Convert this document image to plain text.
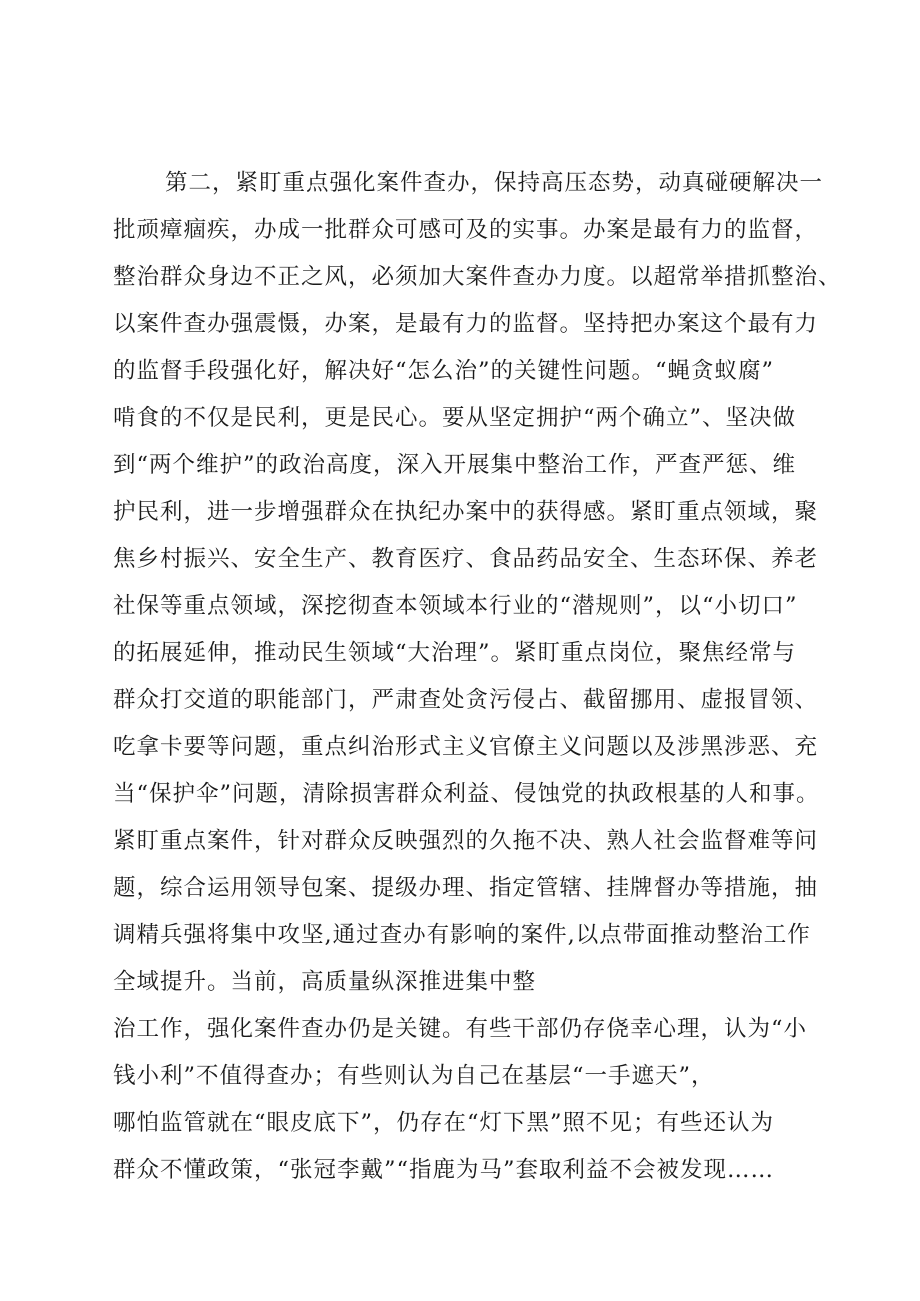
第二，紧盯重点强化案件查办，保持高压态势，动真碰硬解决一
批顽瘴痼疾，办成一批群众可感可及的实事。办案是最有力的监督，
整治群众身边不正之风，必须加大案件查办力度。以超常举措抓整治、
以案件查办强震慑，办案，是最有力的监督。坚持把办案这个最有力
的监督手段强化好，解决好“怎么治”的关键性问题。“蝇贪蚁腐”
啃食的不仅是民利，更是民心。要从坚定拥护“两个确立”、坚决做
到“两个维护”的政治高度，深入开展集中整治工作，严查严惩、维
护民利，进一步增强群众在执纪办案中的获得感。紧盯重点领域，聚
焦乡村振兴、安全生产、教育医疗、食品药品安全、生态环保、养老
社保等重点领域，深挖彻查本领域本行业的“潜规则”，以“小切口”
的拓展延伸，推动民生领域“大治理”。紧盯重点岗位，聚焦经常与
群众打交道的职能部门，严肃查处贪污侵占、截留挪用、虚报冒领、
吃拿卡要等问题，重点纠治形式主义官僚主义问题以及涉黑涉恶、充
当“保护伞”问题，清除损害群众利益、侵蚀党的执政根基的人和事。
紧盯重点案件，针对群众反映强烈的久拖不决、熟人社会监督难等问
题，综合运用领导包案、提级办理、指定管辖、挂牌督办等措施，抽
调精兵强将集中攻坚,通过查办有影响的案件,以点带面推动整治工作
全域提升。当前，高质量纵深推进集中整
治工作，强化案件查办仍是关键。有些干部仍存侥幸心理，认为“小
钱小利”不值得查办；有些则认为自己在基层“一手遮天”，
哪怕监管就在“眼皮底下”，仍存在“灯下黑”照不见；有些还认为
群众不懂政策，“张冠李戴”“指鹿为马”套取利益不会被发现……
